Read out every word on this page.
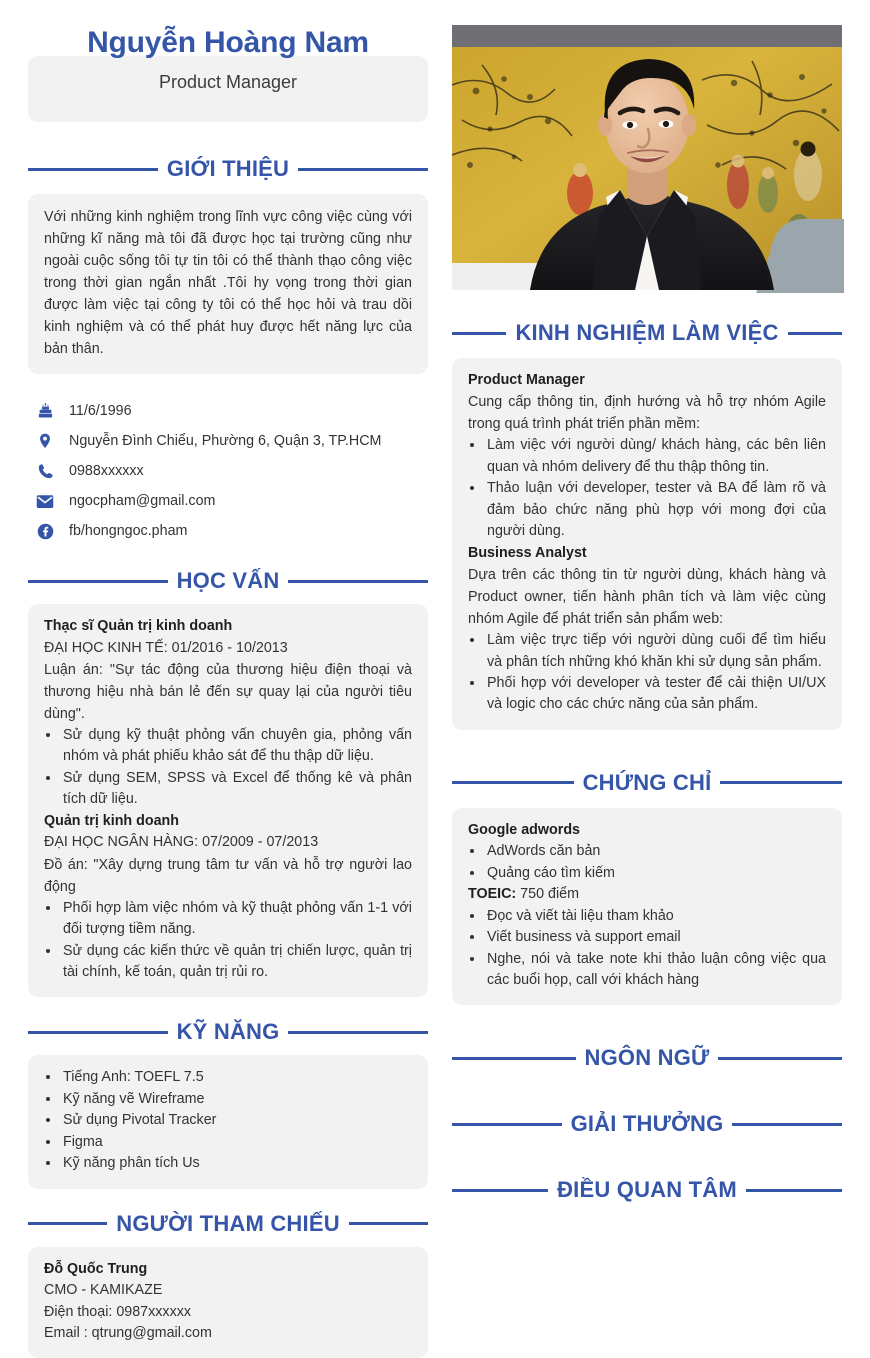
Nguyễn Hoàng Nam
Product Manager
GIỚI THIỆU
Với những kinh nghiệm trong lĩnh vực công việc cùng với những kĩ năng mà tôi đã được học tại trường cũng như ngoài cuộc sống tôi tự tin tôi có thể thành thạo công việc trong thời gian ngắn nhất .Tôi hy vọng trong thời gian được làm việc tại công ty tôi có thể học hỏi và trau dồi kinh nghiệm và có thể phát huy được hết năng lực của bản thân.
11/6/1996
Nguyễn Đình Chiểu, Phường 6, Quận 3, TP.HCM
0988xxxxxx
ngocpham@gmail.com
fb/hongngoc.pham
HỌC VẤN
Thạc sĩ Quản trị kinh doanh
ĐẠI HỌC KINH TẾ: 01/2016 - 10/2013
Luận án: "Sự tác động của thương hiệu điện thoại và thương hiệu nhà bán lẻ đến sự quay lại của người tiêu dùng".
• Sử dụng kỹ thuật phỏng vấn chuyên gia, phỏng vấn nhóm và phát phiếu khảo sát để thu thập dữ liệu.
• Sử dụng SEM, SPSS và Excel để thống kê và phân tích dữ liệu.
Quản trị kinh doanh
ĐẠI HỌC NGÂN HÀNG: 07/2009 - 07/2013
Đồ án: "Xây dựng trung tâm tư vấn và hỗ trợ người lao động
• Phối hợp làm việc nhóm và kỹ thuật phỏng vấn 1-1 với đối tượng tiềm năng.
• Sử dụng các kiến thức về quản trị chiến lược, quản trị tài chính, kế toán, quản trị rủi ro.
KỸ NĂNG
• Tiếng Anh: TOEFL 7.5
• Kỹ năng vẽ Wireframe
• Sử dụng Pivotal Tracker
• Figma
• Kỹ năng phân tích Us
NGƯỜI THAM CHIẾU
Đỗ Quốc Trung
CMO - KAMIKAZE
Điện thoại: 0987xxxxxx
Email : qtrung@gmail.com
KINH NGHIỆM LÀM VIỆC
Product Manager
Cung cấp thông tin, định hướng và hỗ trợ nhóm Agile trong quá trình phát triển phần mềm:
• Làm việc với người dùng/ khách hàng, các bên liên quan và nhóm delivery để thu thập thông tin.
• Thảo luận với developer, tester và BA để làm rõ và đảm bảo chức năng phù hợp với mong đợi của người dùng.
Business Analyst
Dựa trên các thông tin từ người dùng, khách hàng và Product owner, tiến hành phân tích và làm việc cùng nhóm Agile để phát triển sản phẩm web:
• Làm việc trực tiếp với người dùng cuối để tìm hiểu và phân tích những khó khăn khi sử dụng sản phẩm.
• Phối hợp với developer và tester để cải thiện UI/UX và logic cho các chức năng của sản phẩm.
CHỨNG CHỈ
Google adwords
• AdWords căn bản
• Quảng cáo tìm kiếm
TOEIC: 750 điểm
• Đọc và viết tài liệu tham khảo
• Viết business và support email
• Nghe, nói và take note khi thảo luận công việc qua các buổi họp, call với khách hàng
NGÔN NGỮ
GIẢI THƯỞNG
ĐIỀU QUAN TÂM
